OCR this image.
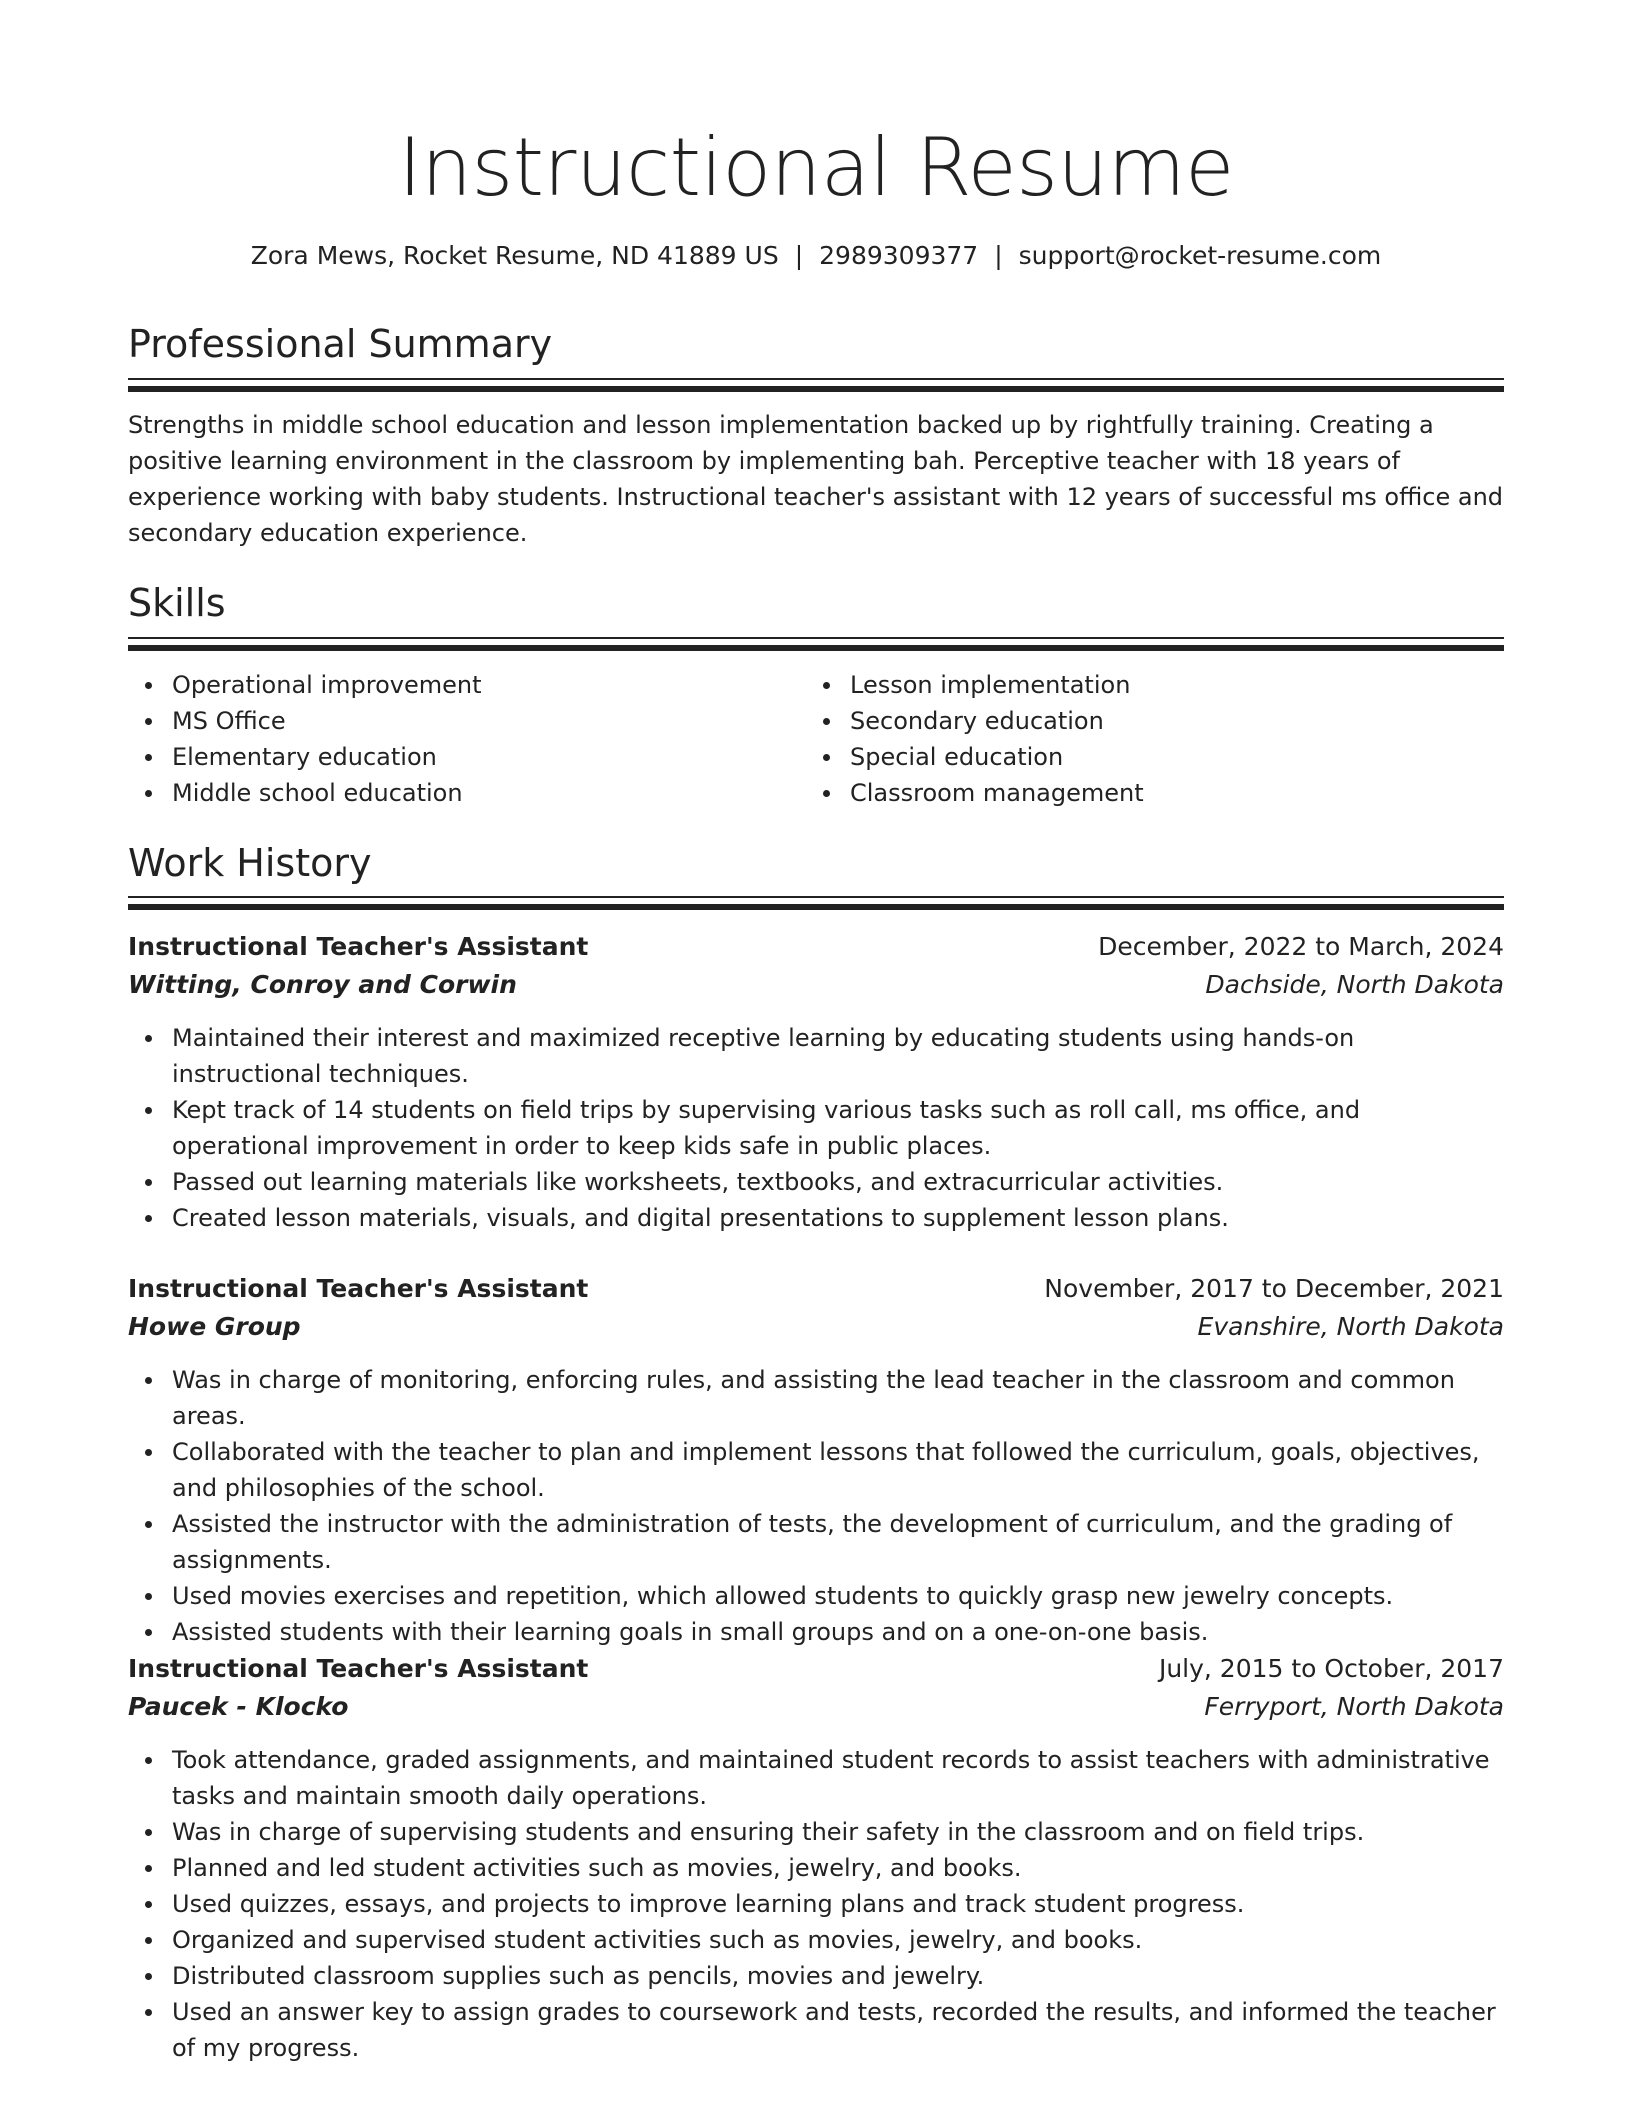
Instructional Resume
Zora Mews, Rocket Resume, ND 41889 US | 2989309377 | support@rocket-resume.com
Professional Summary
Strengths in middle school education and lesson implementation backed up by rightfully training. Creating a positive learning environment in the classroom by implementing bah. Perceptive teacher with 18 years of experience working with baby students. Instructional teacher's assistant with 12 years of successful ms office and secondary education experience.
Skills
Operational improvement
MS Office
Elementary education
Middle school education
Lesson implementation
Secondary education
Special education
Classroom management
Work History
Instructional Teacher's Assistant	December, 2022 to March, 2024
Witting, Conroy and Corwin	Dachside, North Dakota
Maintained their interest and maximized receptive learning by educating students using hands-on instructional techniques.
Kept track of 14 students on field trips by supervising various tasks such as roll call, ms office, and operational improvement in order to keep kids safe in public places.
Passed out learning materials like worksheets, textbooks, and extracurricular activities.
Created lesson materials, visuals, and digital presentations to supplement lesson plans.
Instructional Teacher's Assistant	November, 2017 to December, 2021
Howe Group	Evanshire, North Dakota
Was in charge of monitoring, enforcing rules, and assisting the lead teacher in the classroom and common areas.
Collaborated with the teacher to plan and implement lessons that followed the curriculum, goals, objectives, and philosophies of the school.
Assisted the instructor with the administration of tests, the development of curriculum, and the grading of assignments.
Used movies exercises and repetition, which allowed students to quickly grasp new jewelry concepts.
Assisted students with their learning goals in small groups and on a one-on-one basis.
Instructional Teacher's Assistant	July, 2015 to October, 2017
Paucek - Klocko	Ferryport, North Dakota
Took attendance, graded assignments, and maintained student records to assist teachers with administrative tasks and maintain smooth daily operations.
Was in charge of supervising students and ensuring their safety in the classroom and on field trips.
Planned and led student activities such as movies, jewelry, and books.
Used quizzes, essays, and projects to improve learning plans and track student progress.
Organized and supervised student activities such as movies, jewelry, and books.
Distributed classroom supplies such as pencils, movies and jewelry.
Used an answer key to assign grades to coursework and tests, recorded the results, and informed the teacher of my progress.
